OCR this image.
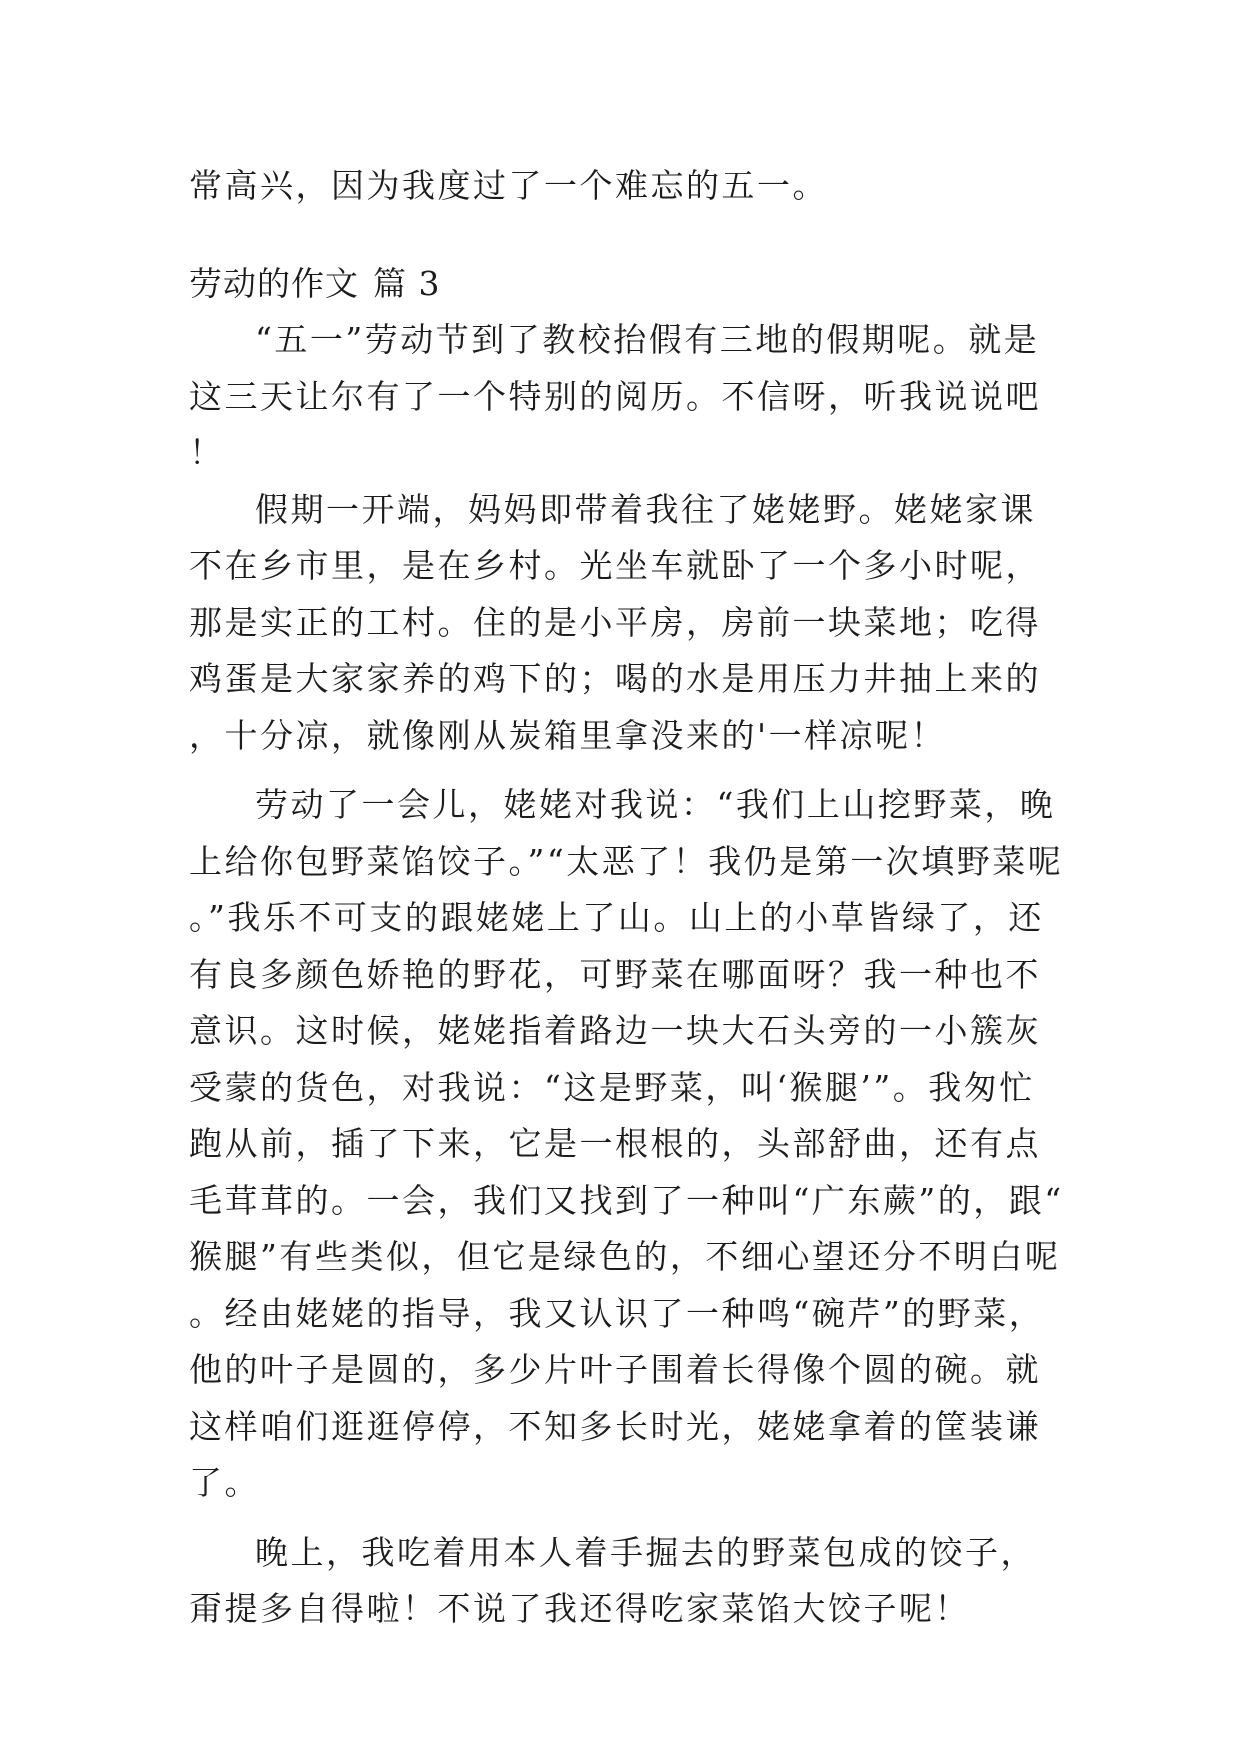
常高兴，因为我度过了一个难忘的五一。

劳动的作文 篇 3

“五一”劳动节到了教校抬假有三地的假期呢。就是这三天让尔有了一个特别的阅历。不信呀，听我说说吧！

假期一开端，妈妈即带着我往了姥姥野。姥姥家课不在乡市里，是在乡村。光坐车就卧了一个多小时呢，那是实正的工村。住的是小平房，房前一块菜地；吃得鸡蛋是大家家养的鸡下的；喝的水是用压力井抽上来的，十分凉，就像刚从炭箱里拿没来的'一样凉呢！

劳动了一会儿，姥姥对我说：“我们上山挖野菜，晚上给你包野菜馅饺子。”“太恶了！我仍是第一次填野菜呢。”我乐不可支的跟姥姥上了山。山上的小草皆绿了，还有良多颜色娇艳的野花，可野菜在哪面呀？我一种也不意识。这时候，姥姥指着路边一块大石头旁的一小簇灰受蒙的货色，对我说：“这是野菜，叫‘猴腿’”。我匆忙跑从前，插了下来，它是一根根的，头部舒曲，还有点毛茸茸的。一会，我们又找到了一种叫“广东蕨”的，跟“猴腿”有些类似，但它是绿色的，不细心望还分不明白呢。经由姥姥的指导，我又认识了一种鸣“碗芹”的野菜，他的叶子是圆的，多少片叶子围着长得像个圆的碗。就这样咱们逛逛停停，不知多长时光，姥姥拿着的筐装谦了。

晚上，我吃着用本人着手掘去的野菜包成的饺子，甭提多自得啦！不说了我还得吃家菜馅大饺子呢！
